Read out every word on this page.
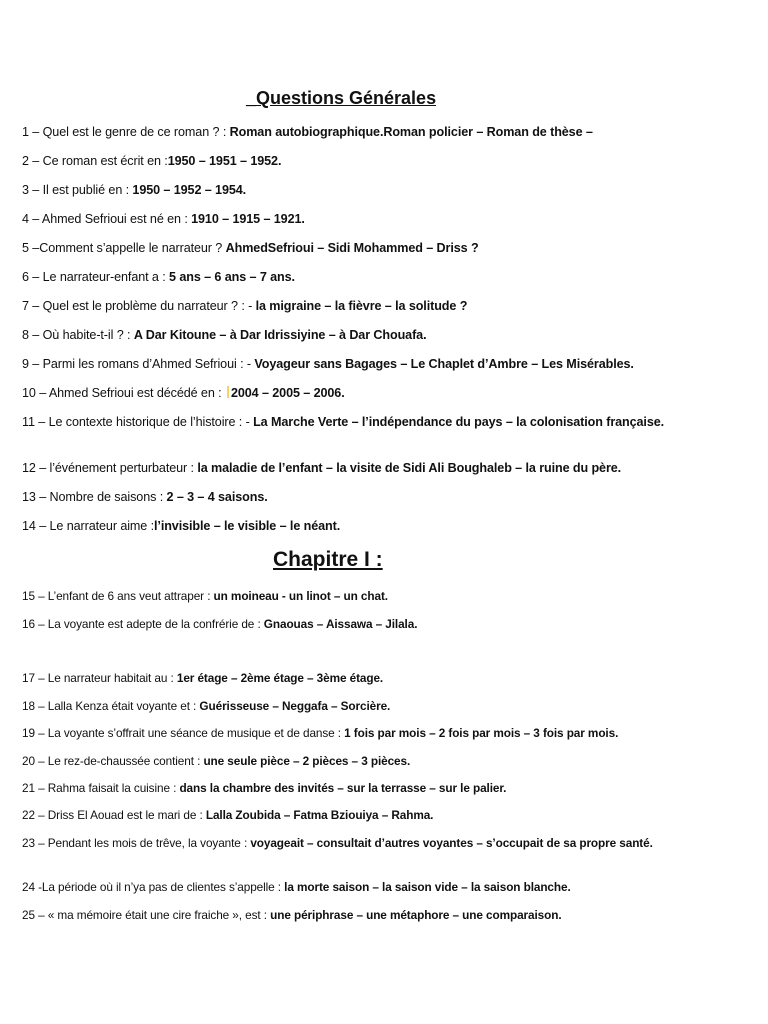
_Questions Générales
1 – Quel est le genre de ce roman ? : Roman autobiographique.Roman policier – Roman de thèse –
2 – Ce roman est écrit en :1950 – 1951 – 1952.
3 – Il est publié en : 1950 – 1952 – 1954.
4 – Ahmed Sefrioui est né en : 1910 – 1915 – 1921.
5 –Comment s’appelle le narrateur ? AhmedSefrioui – Sidi Mohammed – Driss ?
6 – Le narrateur-enfant a : 5 ans – 6 ans – 7 ans.
7 – Quel est le problème du narrateur ? : - la migraine – la fièvre – la solitude ?
8 – Où habite-t-il ? : A Dar Kitoune – à Dar Idrissiyine – à Dar Chouafa.
9 – Parmi les romans d’Ahmed Sefrioui : - Voyageur sans Bagages – Le Chaplet d’Ambre – Les Misérables.
10 – Ahmed Sefrioui est décédé en : 2004 – 2005 – 2006.
11 – Le contexte historique de l’histoire : - La Marche Verte – l’indépendance du pays – la colonisation française.
12 – l’événement perturbateur : la maladie de l’enfant – la visite de Sidi Ali Boughaleb – la ruine du père.
13 – Nombre de saisons : 2 – 3 – 4 saisons.
14 – Le narrateur aime :l’invisible – le visible – le néant.
Chapitre I :
15 – L’enfant de 6 ans veut attraper : un moineau - un linot – un chat.
16 – La voyante est adepte de la confrérie de : Gnaouas – Aissawa – Jilala.
17 – Le narrateur habitait au : 1er étage – 2ème étage – 3ème étage.
18 – Lalla Kenza était voyante et : Guérisseuse – Neggafa – Sorcière.
19 – La voyante s’offrait une séance de musique et de danse : 1 fois par mois – 2 fois par mois – 3 fois par mois.
20 – Le rez-de-chaussée contient : une seule pièce – 2 pièces – 3 pièces.
21 – Rahma faisait la cuisine : dans la chambre des invités – sur la terrasse – sur le palier.
22 – Driss El Aouad est le mari de : Lalla Zoubida – Fatma Bziouiya – Rahma.
23 – Pendant les mois de trêve, la voyante : voyageait – consultait d’autres voyantes – s’occupait de sa propre santé.
24 -La période où il n’ya pas de clientes s’appelle : la morte saison – la saison vide – la saison blanche.
25 – « ma mémoire était une cire fraiche », est : une périphrase – une métaphore – une comparaison.
